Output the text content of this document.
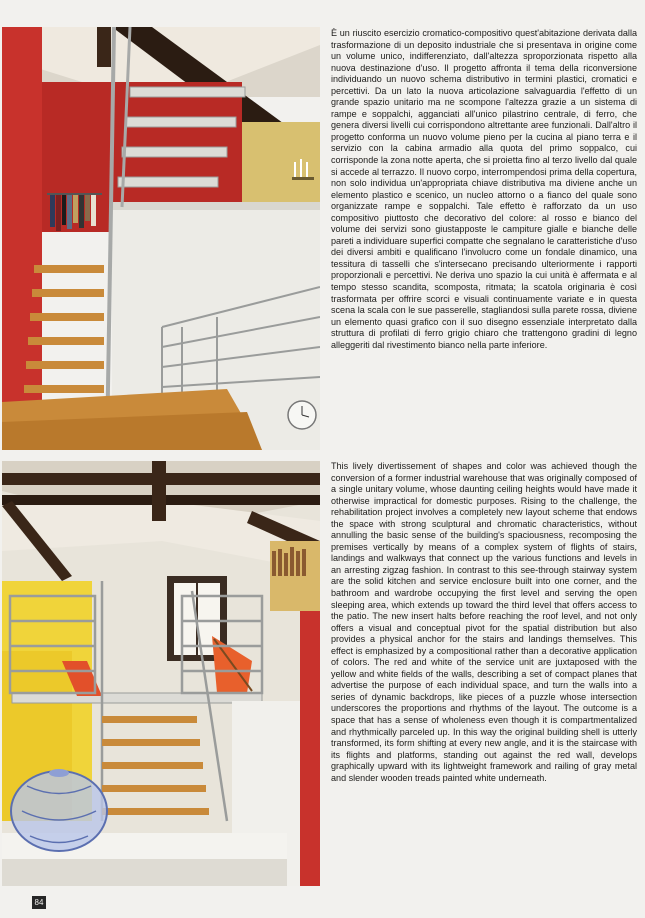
È un riuscito esercizio cromatico-compositivo quest'abitazione derivata dalla trasformazione di un deposito industriale che si presentava in origine come un volume unico, indifferenziato, dall'altezza sproporzionata rispetto alla nuova destinazione d'uso. Il progetto affronta il tema della riconversione individuando un nuovo schema distributivo in termini plastici, cromatici e percettivi. Da un lato la nuova articolazione salvaguardia l'effetto di un grande spazio unitario ma ne scompone l'altezza grazie a un sistema di rampe e soppalchi, agganciati all'unico pilastrino centrale, di ferro, che genera diversi livelli cui corrispondono altrettante aree funzionali. Dall'altro il progetto conforma un nuovo volume pieno per la cucina al piano terra e il servizio con la cabina armadio alla quota del primo soppalco, cui corrisponde la zona notte aperta, che si proietta fino al terzo livello dal quale si accede al terrazzo. Il nuovo corpo, interrompendosi prima della copertura, non solo individua un'appropriata chiave distributiva ma diviene anche un elemento plastico e scenico, un nucleo attorno o a fianco del quale sono organizzate rampe e soppalchi. Tale effetto è rafforzato da un uso compositivo piuttosto che decorativo del colore: al rosso e bianco del volume dei servizi sono giustapposte le campiture gialle e bianche delle pareti a individuare superfici compatte che segnalano le caratteristiche d'uso dei diversi ambiti e qualificano l'involucro come un fondale dinamico, una tessitura di tasselli che s'intersecano precisando ulteriormente i rapporti proporzionali e percettivi. Ne deriva uno spazio la cui unità è affermata e al tempo stesso scandita, scomposta, ritmata; la scatola originaria è così trasformata per offrire scorci e visuali continuamente variate e in questa scena la scala con le sue passerelle, stagliandosi sulla parete rossa, diviene un elemento quasi grafico con il suo disegno essenziale interpretato dalla struttura di profilati di ferro grigio chiaro che trattengono gradini di legno alleggeriti dal rivestimento bianco nella parte inferiore.

This lively divertissement of shapes and color was achieved though the conversion of a former industrial warehouse that was originally composed of a single unitary volume, whose daunting ceiling heights would have made it otherwise impractical for domestic purposes. Rising to the challenge, the rehabilitation project involves a completely new layout scheme that endows the space with strong sculptural and chromatic characteristics, without annulling the basic sense of the building's spaciousness, recomposing the premises vertically by means of a complex system of flights of stairs, landings and walkways that connect up the various functions and levels in an arresting zigzag fashion. In contrast to this see-through stairway system are the solid kitchen and service enclosure built into one corner, and the bathroom and wardrobe occupying the first level and serving the open sleeping area, which extends up toward the third level that offers access to the patio. The new insert halts before reaching the roof level, and not only offers a visual and conceptual pivot for the spatial distribution but also provides a physical anchor for the stairs and landings themselves. This effect is emphasized by a compositional rather than a decorative application of colors. The red and white of the service unit are juxtaposed with the yellow and white fields of the walls, describing a set of compact planes that advertise the purpose of each individual space, and turn the walls into a series of dynamic backdrops, like pieces of a puzzle whose intersection underscores the proportions and rhythms of the layout. The outcome is a space that has a sense of wholeness even though it is compartmentalized and rhythmically parceled up. In this way the original building shell is utterly transformed, its form shifting at every new angle, and it is the staircase with its flights and platforms, standing out against the red wall, develops graphically upward with its lightweight framework and railing of gray metal and slender wooden treads painted white underneath.

84
